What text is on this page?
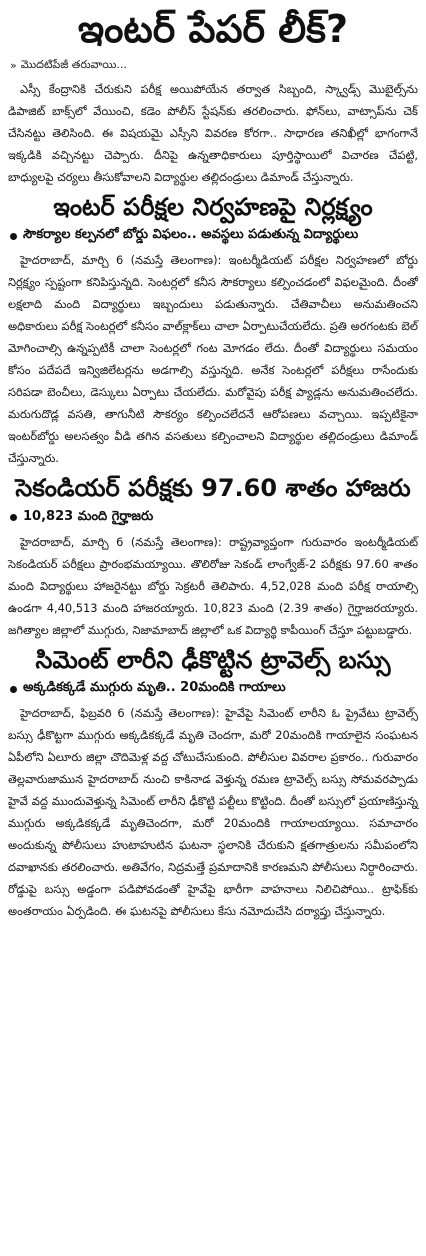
ఇంటర్ పేపర్ లీక్?
» మొదటిపేజీ తరువాయి...

ఎస్సీ కేంద్రానికి చేరుకుని పరీక్ష అయిపోయేన తర్వాత సిబ్బంది, స్క్వాడ్స్ మొబైల్స్‌ను డిపాజిట్ బాక్స్‌లో వేయించి, కడెం పోలీస్ స్టేషన్‌కు తరలించారు. ఫోన్‌లు, వాట్సాప్‌ను చెక్ చేసినట్టు తెలిసింది. ఈ విషయమై ఎస్సీని వివరణ కోరగా.. సాధారణ తనిఖీల్లో భాగంగానే ఇక్కడికి వచ్చినట్టు చెప్పారు. దీనిపై ఉన్నతాధికారులు పూర్తిస్థాయిలో విచారణ చేపట్టి, బాధ్యులపై చర్యలు తీసుకోవాలని విద్యార్థుల తల్లిదండ్రులు డిమాండ్ చేస్తున్నారు.

ఇంటర్ పరీక్షల నిర్వహణపై నిర్లక్ష్యం
సౌకర్యాల కల్పనలో బోర్డు విఫలం.. అవస్థలు పడుతున్న విద్యార్థులు

హైదరాబాద్, మార్చి 6 (నమస్తే తెలంగాణ): ఇంటర్మీడియట్ పరీక్షల నిర్వహణలో బోర్డు నిర్లక్ష్యం స్పష్టంగా కనిపిస్తున్నది. సెంటర్లలో కనీస సౌకర్యాలు కల్పించడంలో విఫలమైంది. దీంతో లక్షలాది మంది విద్యార్థులు ఇబ్బందులు పడుతున్నారు. చేతివాచీలు అనుమతించని అధికారులు పరీక్ష సెంటర్లలో కనీసం వాల్‌క్లాక్‌లు చాలా ఏర్పాటుచేయలేదు. ప్రతి అరగంటకు బెల్ మోగించాల్సి ఉన్నప్పటికీ చాలా సెంటర్లలో గంట మోగడం లేదు. దీంతో విద్యార్థులు సమయం కోసం పదేపదే ఇన్విజిలేటర్లను అడగాల్సి వస్తున్నది. అనేక సెంటర్లలో పరీక్షలు రాసేందుకు సరిపడా బెంచీలు, డెస్కులు ఏర్పాటు చేయలేదు. మరోవైపు పరీక్ష ప్యాడ్లను అనుమతించలేదు. మరుగుదొడ్ల వసతి, తాగునీటి సౌకర్యం కల్పించలేదనే ఆరోపణలు వచ్చాయి. ఇప్పటికైనా ఇంటర్‌బోర్డు అలసత్వం వీడి తగిన వసతులు కల్పించాలని విద్యార్థుల తల్లిదండ్రులు డిమాండ్ చేస్తున్నారు.

సెకండియర్ పరీక్షకు 97.60 శాతం హాజరు
10,823 మంది గైర్హాజరు

హైదరాబాద్, మార్చి 6 (నమస్తే తెలంగాణ): రాష్ట్రవ్యాప్తంగా గురువారం ఇంటర్మీడియట్ సెకండియర్ పరీక్షలు ప్రారంభమయ్యాయి. తొలిరోజు సెకండ్ లాంగ్వేజ్-2 పరీక్షకు 97.60 శాతం మంది విద్యార్థులు హాజరైనట్టు బోర్డు సెక్రటరీ తెలిపారు. 4,52,028 మంది పరీక్ష రాయాల్సి ఉండగా 4,40,513 మంది హాజరయ్యారు. 10,823 మంది (2.39 శాతం) గైర్హాజరయ్యారు. జగిత్యాల జిల్లాలో ముగ్గురు, నిజామాబాద్ జిల్లాలో ఒక విద్యార్థి కాపీయింగ్ చేస్తూ పట్టుబడ్డారు.

సిమెంట్ లారీని ఢీకొట్టిన ట్రావెల్స్ బస్సు
అక్కడికక్కడే ముగ్గురు మృతి.. 20మందికి గాయాలు

హైదరాబాద్, ఫిబ్రవరి 6 (నమస్తే తెలంగాణ): హైవేపై సిమెంట్ లారీని ఓ ప్రైవేటు ట్రావెల్స్ బస్సు ఢీకొట్టగా ముగ్గురు అక్కడికక్కడే మృతి చెందగా, మరో 20మందికి గాయాలైన సంఘటన ఏపీలోని ఏలూరు జిల్లా చొదిమెళ్ల వద్ద చోటుచేసుకుంది. పోలీసుల వివరాల ప్రకారం.. గురువారం తెల్లవారుజామున హైదరాబాద్ నుంచి కాకినాడ వెళ్తున్న రమణ ట్రావెల్స్ బస్సు సోమవరప్పాడు హైవే వద్ద ముందువెళ్తున్న సిమెంట్ లారీని ఢీకొట్టి పల్టీలు కొట్టింది. దీంతో బస్సులో ప్రయాణిస్తున్న ముగ్గురు అక్కడికక్కడే మృతిచెందగా, మరో 20మందికి గాయాలయ్యాయి. సమాచారం అందుకున్న పోలీసులు హుటాహుటిన ఘటనా స్థలానికి చేరుకుని క్షతగాత్రులను సమీపంలోని దవాఖానకు తరలించారు. అతివేగం, నిద్రమత్తే ప్రమాదానికి కారణమని పోలీసులు నిర్ధారించారు. రోడ్డుపై బస్సు అడ్డంగా పడిపోవడంతో హైవేపై భారీగా వాహనాలు నిలిచిపోయి.. ట్రాఫిక్‌కు అంతరాయం ఏర్పడింది. ఈ ఘటనపై పోలీసులు కేసు నమోదుచేసి దర్యాప్తు చేస్తున్నారు.
